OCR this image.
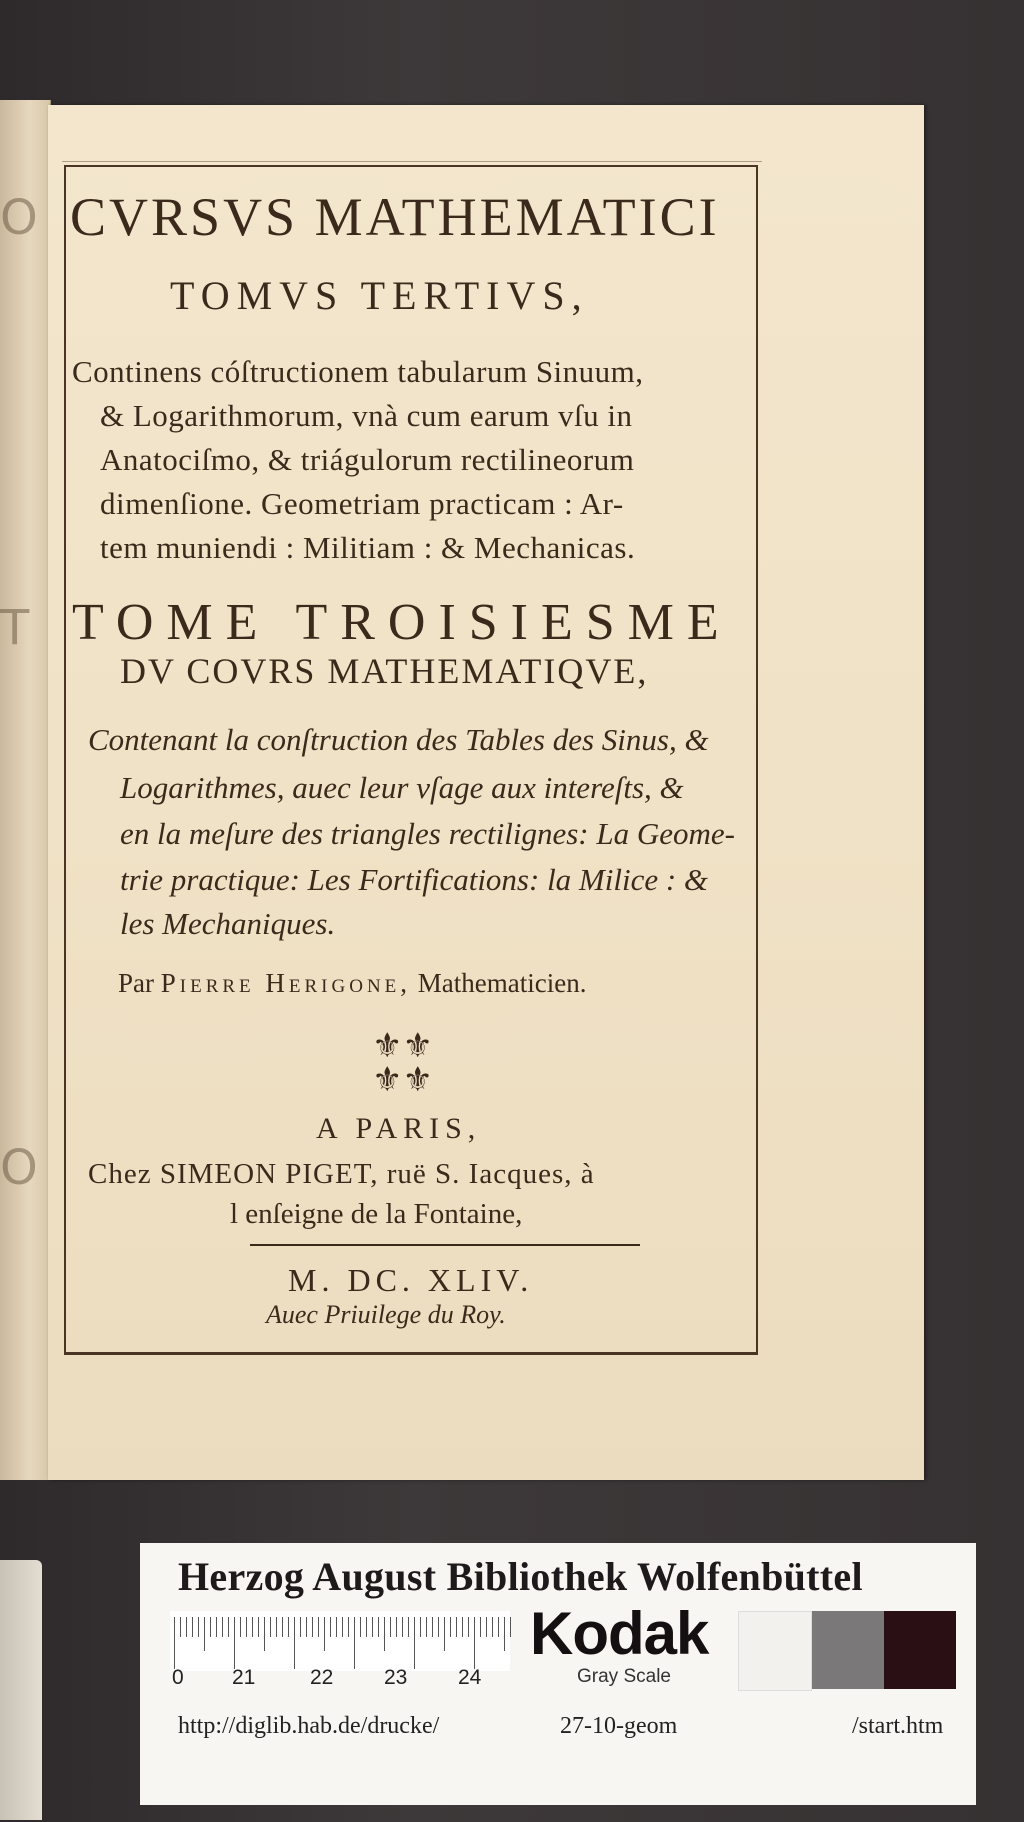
O
T
O
CVRSVS MATHEMATICI
TOMVS TERTIVS,
Continens cóſtructionem tabularum Sinuum,
& Logarithmorum, vnà cum earum vſu in
Anatociſmo, & triágulorum rectilineorum
dimenſione. Geometriam practicam : Ar-
tem muniendi : Militiam : & Mechanicas.
TOME TROISIESME
DV COVRS MATHEMATIQVE,
Contenant la conſtruction des Tables des Sinus, &
Logarithmes, auec leur vſage aux intereſts, &
en la meſure des triangles rectilignes: La Geome-
trie practique: Les Fortifications: la Milice : &
les Mechaniques.
Par Pierre Herigone, Mathematicien.
⚜⚜
⚜⚜
A PARIS,
Chez SIMEON PIGET, ruë S. Iacques, à
l enſeigne de la Fontaine,
M. DC. XLIV.
Auec Priuilege du Roy.
Herzog August Bibliothek Wolfenbüttel
0 21	22 23 24
Kodak
Gray Scale
http://diglib.hab.de/drucke/	27-10-geom	/start.htm
